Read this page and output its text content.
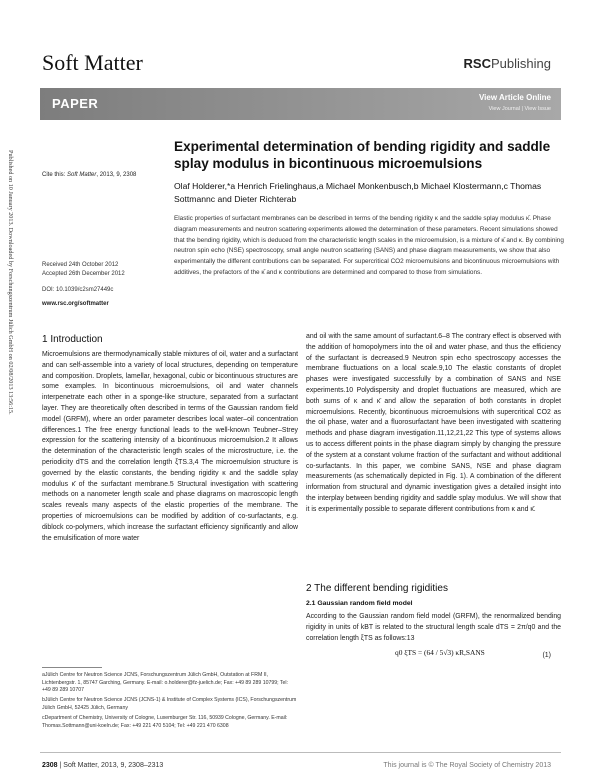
Soft Matter	RSCPublishing
PAPER	View Article Online
View Journal | View Issue
Published on 10 January 2013. Downloaded by Forschungszentrum Jülich GmbH on 02/08/2013 13:56:15.
Experimental determination of bending rigidity and saddle splay modulus in bicontinuous microemulsions
Cite this: Soft Matter, 2013, 9, 2308
Olaf Holderer,*a Henrich Frielinghaus,a Michael Monkenbusch,b Michael Klostermann,c Thomas Sottmannc and Dieter Richterab
Elastic properties of surfactant membranes can be described in terms of the bending rigidity κ and the saddle splay modulus κ̄. Phase diagram measurements and neutron scattering experiments allowed the determination of these parameters. Recent simulations showed that the bending rigidity, which is deduced from the characteristic length scales in the microemulsion, is a mixture of κ̄ and κ. By combining neutron spin echo (NSE) spectroscopy, small angle neutron scattering (SANS) and phase diagram measurements, we show that also experimentally the different contributions can be separated. For supercritical CO2 microemulsions and bicontinuous microemulsions with additives, the prefactors of the κ̄ and κ contributions are determined and compared to those from simulations.
Received 24th October 2012
Accepted 26th December 2012
DOI: 10.1039/c2sm27449c
www.rsc.org/softmatter
1 Introduction
Microemulsions are thermodynamically stable mixtures of oil, water and a surfactant and can self-assemble into a variety of local structures, depending on temperature and composition. Droplets, lamellar, hexagonal, cubic or bicontinuous structures are some examples. In bicontinuous microemulsions, oil and water channels interpenetrate each other in a sponge-like structure, separated from a surfactant layer. They are theoretically often described in terms of the Gaussian random field model (GRFM), where an order parameter describes local water–oil concentration differences.1 The free energy functional leads to the well-known Teubner–Strey expression for the scattering intensity of a bicontinuous microemulsion.2 It allows the determination of the characteristic length scales of the microstructure, i.e. the periodicity dTS and the correlation length ξTS.3,4 The microemulsion structure is governed by the elastic constants, the bending rigidity κ and the saddle splay modulus κ̄ of the surfactant membrane.5 Structural investigation with scattering methods on a nanometer length scale and phase diagrams on macroscopic length scales reveals many aspects of the elastic properties of the membrane. The properties of microemulsions can be modified by addition of co-surfactants, e.g. diblock co-polymers, which increase the surfactant efficiency significantly and allow the emulsification of more water
aJülich Centre for Neutron Science JCNS, Forschungszentrum Jülich GmbH, Outstation at FRM II, Lichtenbergstr. 1, 85747 Garching, Germany. E-mail: o.holderer@fz-juelich.de; Fax: +49 89 289 10799; Tel: +49 89 289 10707
bJülich Centre for Neutron Science JCNS (JCNS-1) & Institute of Complex Systems (ICS), Forschungszentrum Jülich GmbH, 52425 Jülich, Germany
cDepartment of Chemistry, University of Cologne, Luxemburger Str. 116, 50939 Cologne, Germany. E-mail: Thomas.Sottmann@uni-koeln.de; Fax: +49 221 470 5104; Tel: +49 221 470 6308
and oil with the same amount of surfactant.6–8 The contrary effect is observed with the addition of homopolymers into the oil and water phase, and thus the efficiency of the surfactant is decreased.9 Neutron spin echo spectroscopy accesses the membrane fluctuations on a local scale.9,10 The elastic constants of droplet phases were investigated successfully by a combination of SANS and NSE experiments.10 Polydispersity and droplet fluctuations are measured, which are both sums of κ and κ̄ and allow the separation of both constants in droplet microemulsions. Recently, bicontinuous microemulsions with supercritical CO2 as the oil phase, water and a fluorosurfactant have been investigated with scattering methods and phase diagram investigation.11,12,21,22 This type of systems allows us to access different points in the phase diagram simply by changing the pressure of the system at a constant volume fraction of the surfactant and without additional co-surfactants. In this paper, we combine SANS, NSE and phase diagram measurements (as schematically depicted in Fig. 1). A combination of the different information from structural and dynamic investigation gives a detailed insight into the interplay between bending rigidity and saddle splay modulus. We will show that it is experimentally possible to separate different contributions from κ and κ̄.
2 The different bending rigidities
2.1 Gaussian random field model
According to the Gaussian random field model (GRFM), the renormalized bending rigidity in units of kBT is related to the structural length scale dTS = 2π/q0 and the correlation length ξTS as follows:13
q0 ξTS = (64 / 5√3) κR,SANS	(1)
2308 | Soft Matter, 2013, 9, 2308–2313	This journal is © The Royal Society of Chemistry 2013
